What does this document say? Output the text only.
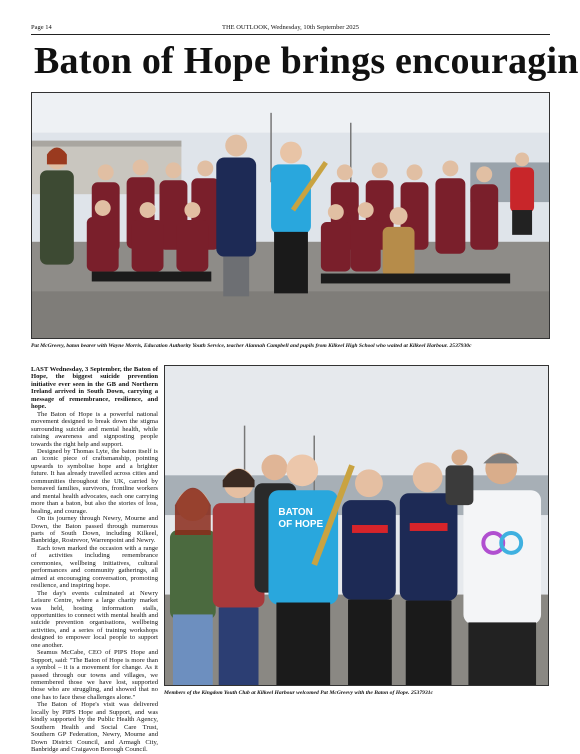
Page 14	THE OUTLOOK, Wednesday, 10th September 2025
Baton of Hope brings encouragin
Pat McGreevy, baton bearer with Wayne Morris, Education Authority Youth Service, teacher Alannah Campbell and pupils from Kilkeel High School who waited at Kilkeel Harbour. 2537930c

LAST Wednesday, 3 September, the Baton of Hope, the biggest suicide prevention initiative ever seen in the GB and Northern Ireland arrived in South Down, carrying a message of remembrance, resilience, and hope.

The Baton of Hope is a powerful national movement designed to break down the stigma surrounding suicide and mental health, while raising awareness and signposting people towards the right help and support.

Designed by Thomas Lyte, the baton itself is an iconic piece of craftsmanship, pointing upwards to symbolise hope and a brighter future. It has already travelled across cities and communities throughout the UK, carried by bereaved families, survivors, frontline workers and mental health advocates, each one carrying more than a baton, but also the stories of loss, healing, and courage.

On its journey through Newry, Mourne and Down, the Baton passed through numerous parts of South Down, including Kilkeel, Banbridge, Rostrevor, Warrenpoint and Newry.

Each town marked the occasion with a range of activities including remembrance ceremonies, wellbeing initiatives, cultural performances and community gatherings, all aimed at encouraging conversation, promoting resilience, and inspiring hope.

The day's events culminated at Newry Leisure Centre, where a large charity market was held, hosting information stalls, opportunities to connect with mental health and suicide prevention organisations, wellbeing activities, and a series of training workshops designed to empower local people to support one another.

Seamus McCabe, CEO of PIPS Hope and Support, said: "The Baton of Hope is more than a symbol – it is a movement for change. As it passed through our towns and villages, we remembered those we have lost, supported those who are struggling, and showed that no one has to face these challenges alone."

The Baton of Hope's visit was delivered locally by PIPS Hope and Support, and was kindly supported by the Public Health Agency, Southern Health and Social Care Trust, Southern GP Federation, Newry, Mourne and Down District Council, and Armagh City, Banbridge and Craigavon Borough Council.

BATON
OF HOPE
Members of the Kingdom Youth Club at Kilkeel Harbour welcomed Pat McGreevy with the Baton of Hope. 2537931c
